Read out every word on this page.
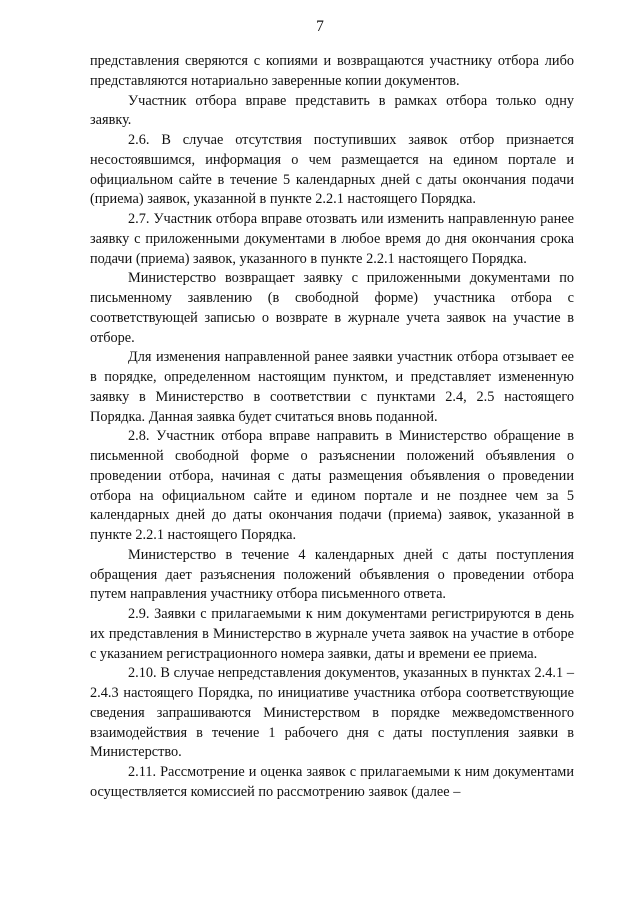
7

представления сверяются с копиями и возвращаются участнику отбора либо представляются нотариально заверенные копии документов.

Участник отбора вправе представить в рамках отбора только одну заявку.

2.6. В случае отсутствия поступивших заявок отбор признается несостоявшимся, информация о чем размещается на едином портале и официальном сайте в течение 5 календарных дней с даты окончания подачи (приема) заявок, указанной в пункте 2.2.1 настоящего Порядка.

2.7. Участник отбора вправе отозвать или изменить направленную ранее заявку с приложенными документами в любое время до дня окончания срока подачи (приема) заявок, указанного в пункте 2.2.1 настоящего Порядка.

Министерство возвращает заявку с приложенными документами по письменному заявлению (в свободной форме) участника отбора с соответствующей записью о возврате в журнале учета заявок на участие в отборе.

Для изменения направленной ранее заявки участник отбора отзывает ее в порядке, определенном настоящим пунктом, и представляет измененную заявку в Министерство в соответствии с пунктами 2.4, 2.5 настоящего Порядка. Данная заявка будет считаться вновь поданной.

2.8. Участник отбора вправе направить в Министерство обращение в письменной свободной форме о разъяснении положений объявления о проведении отбора, начиная с даты размещения объявления о проведении отбора на официальном сайте и едином портале и не позднее чем за 5 календарных дней до даты окончания подачи (приема) заявок, указанной в пункте 2.2.1 настоящего Порядка.

Министерство в течение 4 календарных дней с даты поступления обращения дает разъяснения положений объявления о проведении отбора путем направления участнику отбора письменного ответа.

2.9. Заявки с прилагаемыми к ним документами регистрируются в день их представления в Министерство в журнале учета заявок на участие в отборе с указанием регистрационного номера заявки, даты и времени ее приема.

2.10. В случае непредставления документов, указанных в пунктах 2.4.1 – 2.4.3 настоящего Порядка, по инициативе участника отбора соответствующие сведения запрашиваются Министерством в порядке межведомственного взаимодействия в течение 1 рабочего дня с даты поступления заявки в Министерство.

2.11. Рассмотрение и оценка заявок с прилагаемыми к ним документами осуществляется комиссией по рассмотрению заявок (далее –
